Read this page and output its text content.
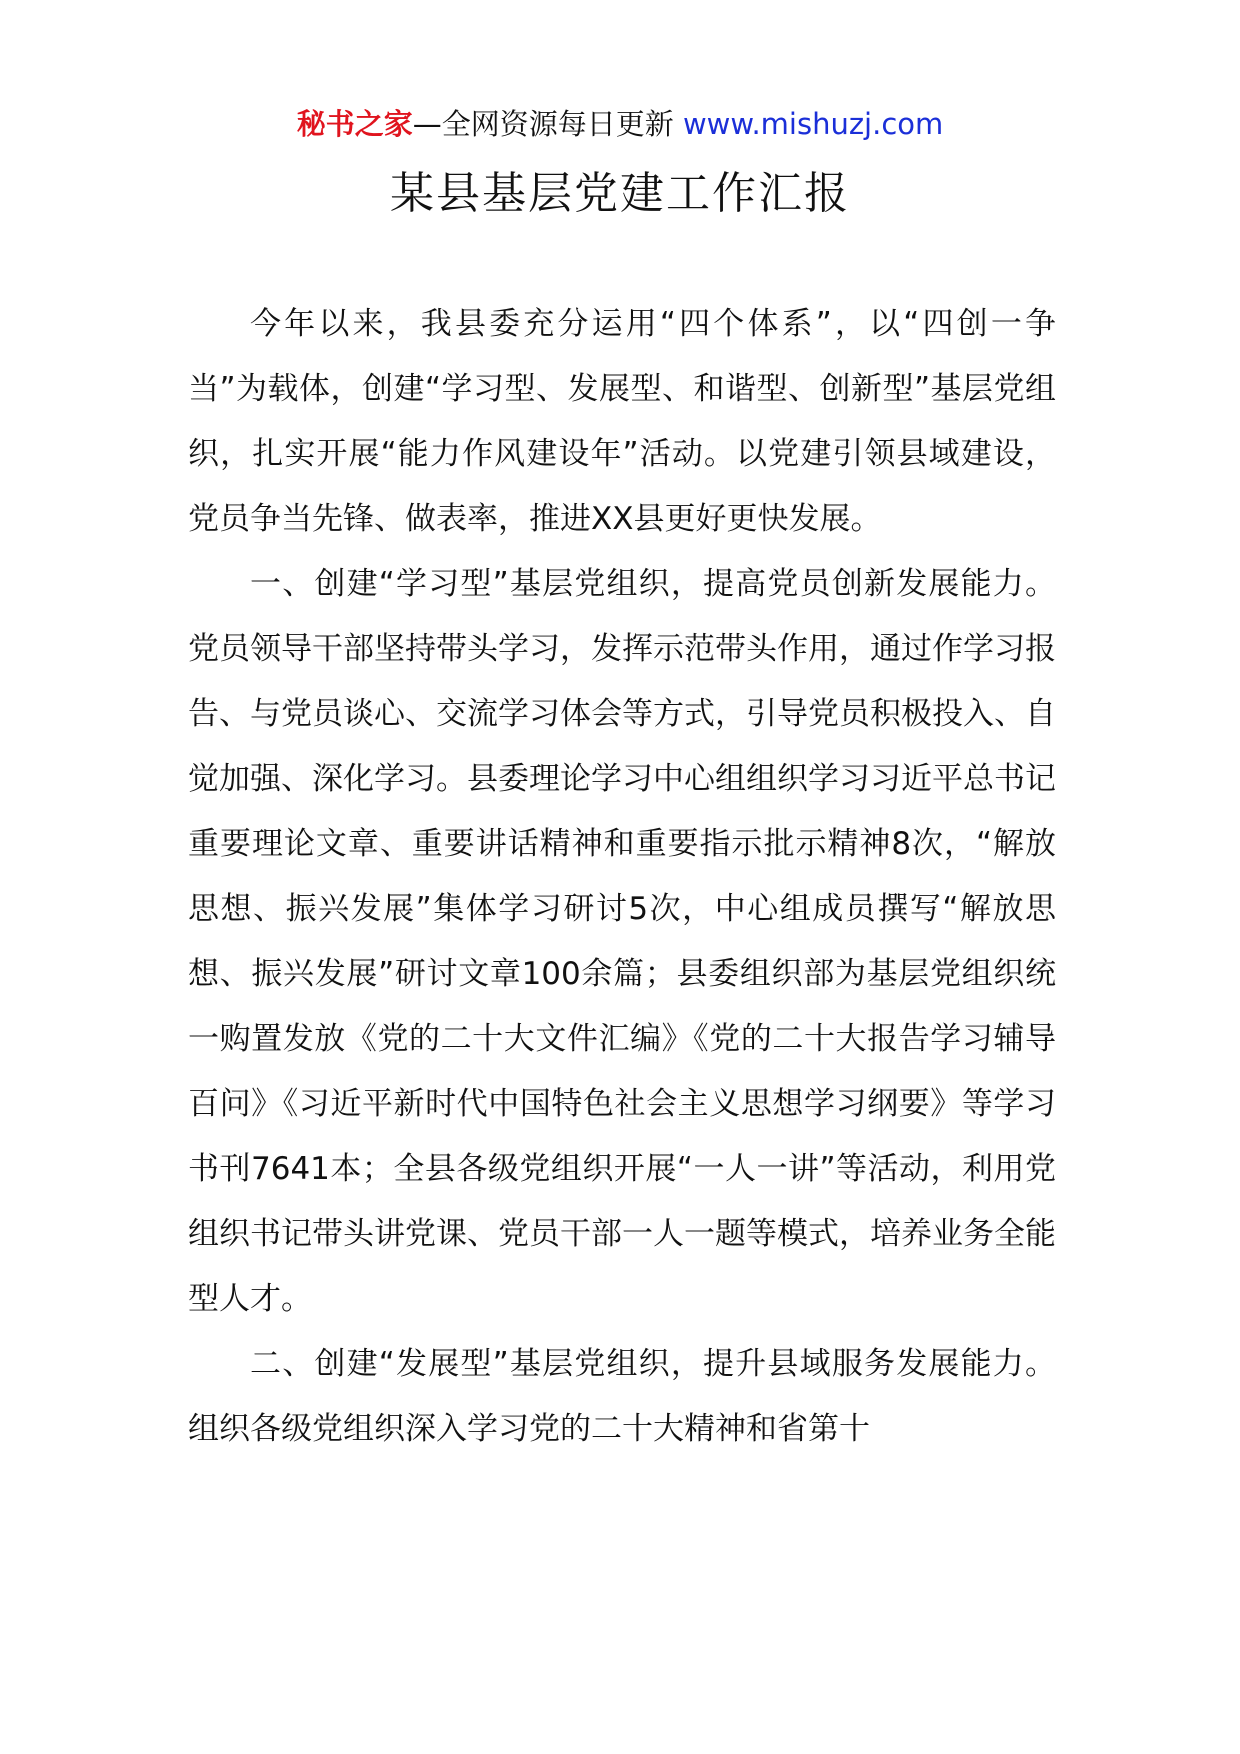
秘书之家—全网资源每日更新 www.mishuzj.com
某县基层党建工作汇报

今年以来，我县委充分运用“四个体系”，以“四创一争当”为载体，创建“学习型、发展型、和谐型、创新型”基层党组织，扎实开展“能力作风建设年”活动。以党建引领县域建设，党员争当先锋、做表率，推进XX县更好更快发展。

一、创建“学习型”基层党组织，提高党员创新发展能力。党员领导干部坚持带头学习，发挥示范带头作用，通过作学习报告、与党员谈心、交流学习体会等方式，引导党员积极投入、自觉加强、深化学习。县委理论学习中心组组织学习习近平总书记重要理论文章、重要讲话精神和重要指示批示精神8次，“解放思想、振兴发展”集体学习研讨5次，中心组成员撰写“解放思想、振兴发展”研讨文章100余篇；县委组织部为基层党组织统一购置发放《党的二十大文件汇编》《党的二十大报告学习辅导百问》《习近平新时代中国特色社会主义思想学习纲要》等学习书刊7641本；全县各级党组织开展“一人一讲”等活动，利用党组织书记带头讲党课、党员干部一人一题等模式，培养业务全能型人才。

二、创建“发展型”基层党组织，提升县域服务发展能力。组织各级党组织深入学习党的二十大精神和省第十
